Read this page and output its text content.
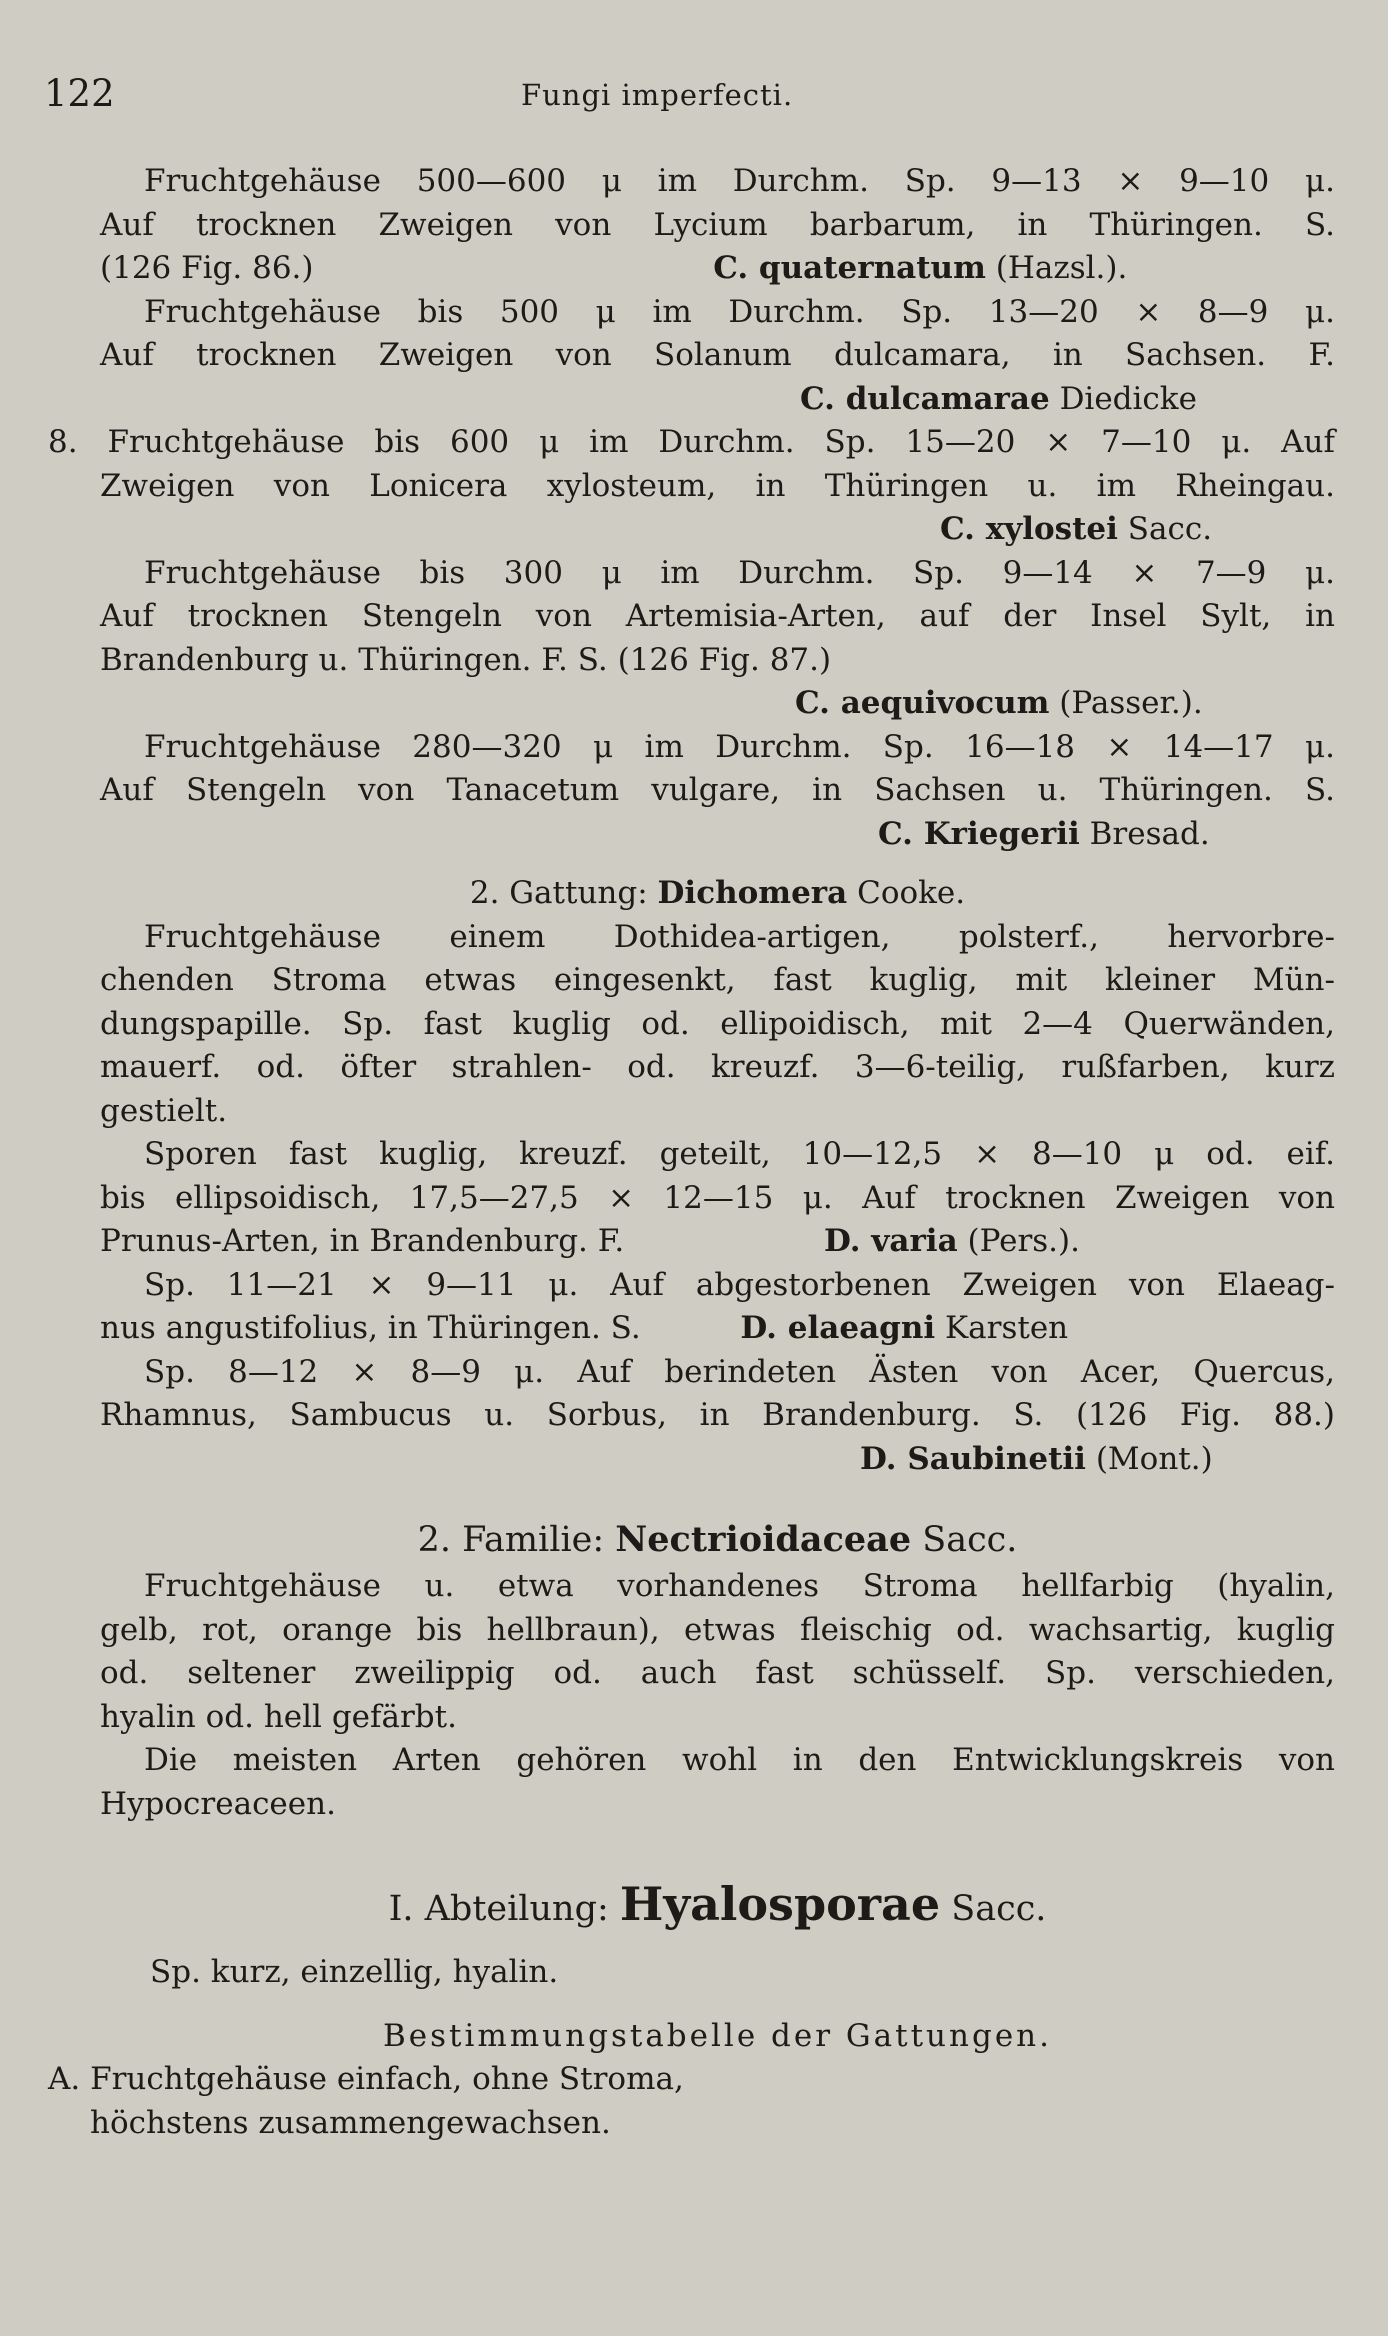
122	Fungi imperfecti.
Fruchtgehäuse 500—600 μ im Durchm. Sp. 9—13 × 9—10 μ.
Auf trocknen Zweigen von Lycium barbarum, in Thüringen. S.
(126 Fig. 86.)	C. quaternatum (Hazsl.).
Fruchtgehäuse bis 500 μ im Durchm. Sp. 13—20 × 8—9 μ.
Auf trocknen Zweigen von Solanum dulcamara, in Sachsen. F.
C. dulcamarae Diedicke
8. Fruchtgehäuse bis 600 μ im Durchm. Sp. 15—20 × 7—10 μ. Auf
Zweigen von Lonicera xylosteum, in Thüringen u. im Rheingau.
C. xylostei Sacc.
Fruchtgehäuse bis 300 μ im Durchm. Sp. 9—14 × 7—9 μ.
Auf trocknen Stengeln von Artemisia-Arten, auf der Insel Sylt, in
Brandenburg u. Thüringen. F. S. (126 Fig. 87.)
C. aequivocum (Passer.).
Fruchtgehäuse 280—320 μ im Durchm. Sp. 16—18 × 14—17 μ.
Auf Stengeln von Tanacetum vulgare, in Sachsen u. Thüringen. S.
C. Kriegerii Bresad.
2. Gattung: Dichomera Cooke.
Fruchtgehäuse einem Dothidea-artigen, polsterf., hervorbre-
chenden Stroma etwas eingesenkt, fast kuglig, mit kleiner Mün-
dungspapille. Sp. fast kuglig od. ellipoidisch, mit 2—4 Querwänden,
mauerf. od. öfter strahlen- od. kreuzf. 3—6-teilig, rußfarben, kurz
gestielt.
Sporen fast kuglig, kreuzf. geteilt, 10—12,5 × 8—10 μ od. eif.
bis ellipsoidisch, 17,5—27,5 × 12—15 μ. Auf trocknen Zweigen von
Prunus-Arten, in Brandenburg. F.	D. varia (Pers.).
Sp. 11—21 × 9—11 μ. Auf abgestorbenen Zweigen von Elaeag-
nus angustifolius, in Thüringen. S.	D. elaeagni Karsten
Sp. 8—12 × 8—9 μ. Auf berindeten Ästen von Acer, Quercus,
Rhamnus, Sambucus u. Sorbus, in Brandenburg. S. (126 Fig. 88.)
D. Saubinetii (Mont.)
2. Familie: Nectrioidaceae Sacc.
Fruchtgehäuse u. etwa vorhandenes Stroma hellfarbig (hyalin,
gelb, rot, orange bis hellbraun), etwas fleischig od. wachsartig, kuglig
od. seltener zweilippig od. auch fast schüsself. Sp. verschieden,
hyalin od. hell gefärbt.
Die meisten Arten gehören wohl in den Entwicklungskreis von
Hypocreaceen.
I. Abteilung: Hyalosporae Sacc.
Sp. kurz, einzellig, hyalin.
Bestimmungstabelle der Gattungen.
A. Fruchtgehäuse einfach, ohne Stroma,
höchstens zusammengewachsen.
